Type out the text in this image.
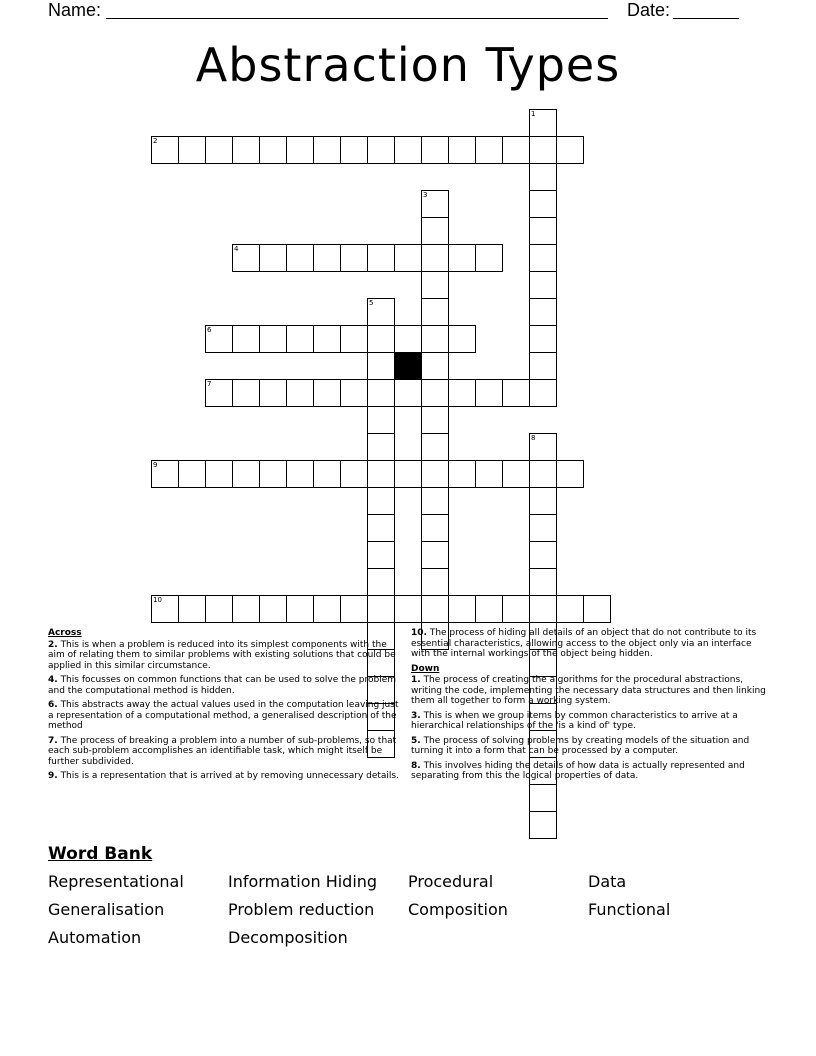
Name:	Date:
Abstraction Types
2
4
6
7
9
10
1
3
5
8
Across
2. This is when a problem is reduced into its simplest components with the aim of relating them to similar problems with existing solutions that could be applied in this similar circumstance.
4. This focusses on common functions that can be used to solve the problem and the computational method is hidden.
6. This abstracts away the actual values used in the computation leaving just a representation of a computational method, a generalised description of the method
7. The process of breaking a problem into a number of sub-problems, so that each sub-problem accomplishes an identifiable task, which might itself be further subdivided.
9. This is a representation that is arrived at by removing unnecessary details.
10. The process of hiding all details of an object that do not contribute to its essential characteristics, allowing access to the object only via an interface with the internal workings of the object being hidden.
Down
1. The process of creating the algorithms for the procedural abstractions, writing the code, implementing the necessary data structures and then linking them all together to form a working system.
3. This is when we group items by common characteristics to arrive at a hierarchical relationships of the 'is a kind of' type.
5. The process of solving problems by creating models of the situation and turning it into a form that can be processed by a computer.
8. This involves hiding the details of how data is actually represented and separating from this the logical properties of data.
Word Bank
Representational	Information Hiding Procedural	Data
Generalisation	Problem reduction Composition	Functional
Automation	Decomposition
